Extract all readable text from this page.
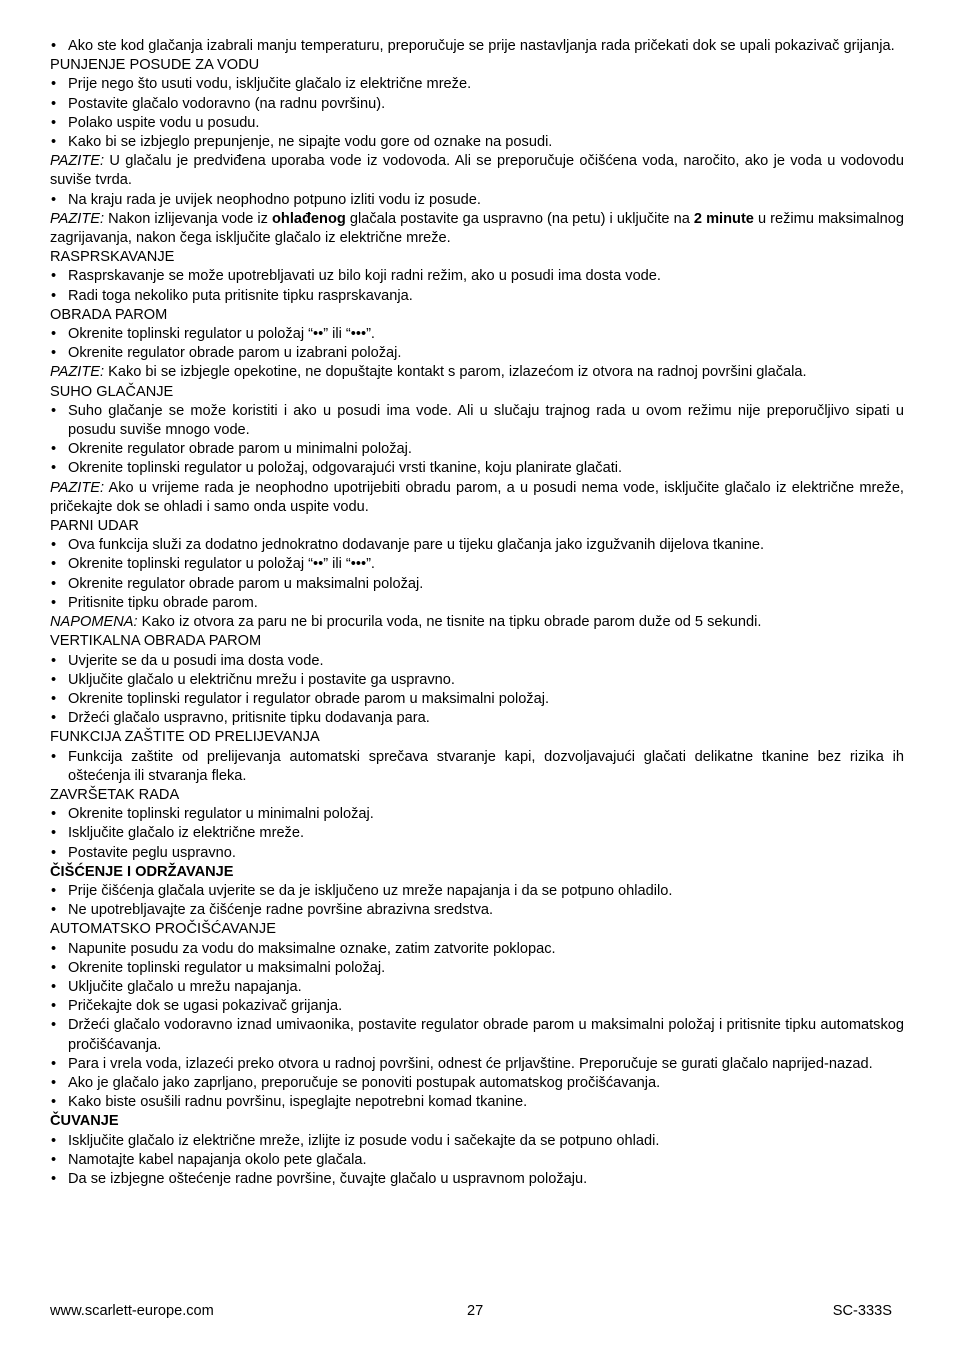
• Ako ste kod glačanja izabrali manju temperaturu, preporučuje se prije nastavljanja rada pričekati dok se upali pokazivač grijanja.
PUNJENJE POSUDE ZA VODU
• Prije nego što usuti vodu, isključite glačalo iz električne mreže.
• Postavite glačalo vodoravno (na radnu površinu).
• Polako uspite vodu u posudu.
• Kako bi se izbjeglo prepunjenje, ne sipajte vodu gore od oznake na posudi.
PAZITE: U glačalu je predviđena uporaba vode iz vodovoda. Ali se preporučuje očišćena voda, naročito, ako je voda u vodovodu suviše tvrda.
• Na kraju rada je uvijek neophodno potpuno izliti vodu iz posude.
PAZITE: Nakon izlijevanja vode iz ohlađenog glačala postavite ga uspravno (na petu) i uključite na 2 minute u režimu maksimalnog zagrijavanja, nakon čega isključite glačalo iz električne mreže.
RASPRSKAVANJE
• Rasprskavanje se može upotrebljavati uz bilo koji radni režim, ako u posudi ima dosta vode.
• Radi toga nekoliko puta pritisnite tipku rasprskavanja.
OBRADA PAROM
• Okrenite toplinski regulator u položaj “••” ili “•••”.
• Okrenite regulator obrade parom u izabrani položaj.
PAZITE: Kako bi se izbjegle opekotine, ne dopuštajte kontakt s parom, izlazećom iz otvora na radnoj površini glačala.
SUHO GLAČANJE
• Suho glačanje se može koristiti i ako u posudi ima vode. Ali u slučaju trajnog rada u ovom režimu nije preporučljivo sipati u posudu suviše mnogo vode.
• Okrenite regulator obrade parom u minimalni položaj.
• Okrenite toplinski regulator u položaj, odgovarajući vrsti tkanine, koju planirate glačati.
PAZITE: Ako u vrijeme rada je neophodno upotrijebiti obradu parom, a u posudi nema vode, isključite glačalo iz električne mreže, pričekajte dok se ohladi i samo onda uspite vodu.
PARNI UDAR
• Ova funkcija služi za dodatno jednokratno dodavanje pare u tijeku glačanja jako izgužvanih dijelova tkanine.
• Okrenite toplinski regulator u položaj “••” ili “•••”.
• Okrenite regulator obrade parom u maksimalni položaj.
• Pritisnite tipku obrade parom.
NAPOMENA: Kako iz otvora za paru ne bi procurila voda, ne tisnite na tipku obrade parom duže od 5 sekundi.
VERTIKALNA OBRADA PAROM
• Uvjerite se da u posudi ima dosta vode.
• Uključite glačalo u električnu mrežu i postavite ga uspravno.
• Okrenite toplinski regulator i regulator obrade parom u maksimalni položaj.
• Držeći glačalo uspravno, pritisnite tipku dodavanja para.
FUNKCIJA ZAŠTITE OD PRELIJEVANJA
• Funkcija zaštite od prelijevanja automatski sprečava stvaranje kapi, dozvoljavajući glačati delikatne tkanine bez rizika ih oštećenja ili stvaranja fleka.
ZAVRŠETAK RADA
• Okrenite toplinski regulator u minimalni položaj.
• Isključite glačalo iz električne mreže.
• Postavite peglu uspravno.
ČIŠĆENJE I ODRŽAVANJE
• Prije čišćenja glačala uvjerite se da je isključeno uz mreže napajanja i da se potpuno ohladilo.
• Ne upotrebljavajte za čišćenje radne površine abrazivna sredstva.
AUTOMATSKO PROČIŠĆAVANJE
• Napunite posudu za vodu do maksimalne oznake, zatim zatvorite poklopac.
• Okrenite toplinski regulator u maksimalni položaj.
• Uključite glačalo u mrežu napajanja.
• Pričekajte dok se ugasi pokazivač grijanja.
• Držeći glačalo vodoravno iznad umivaonika, postavite regulator obrade parom u maksimalni položaj i pritisnite tipku automatskog pročišćavanja.
• Para i vrela voda, izlazeći preko otvora u radnoj površini, odnest će prljavštine. Preporučuje se gurati glačalo naprijed-nazad.
• Ako je glačalo jako zaprljano, preporučuje se ponoviti postupak automatskog pročišćavanja.
• Kako biste osušili radnu površinu, ispeglajte nepotrebni komad tkanine.
ČUVANJE
• Isključite glačalo iz električne mreže, izlijte iz posude vodu i sačekajte da se potpuno ohladi.
• Namotajte kabel napajanja okolo pete glačala.
• Da se izbjegne oštećenje radne površine, čuvajte glačalo u uspravnom položaju.
www.scarlett-europe.com	27	SC-333S
